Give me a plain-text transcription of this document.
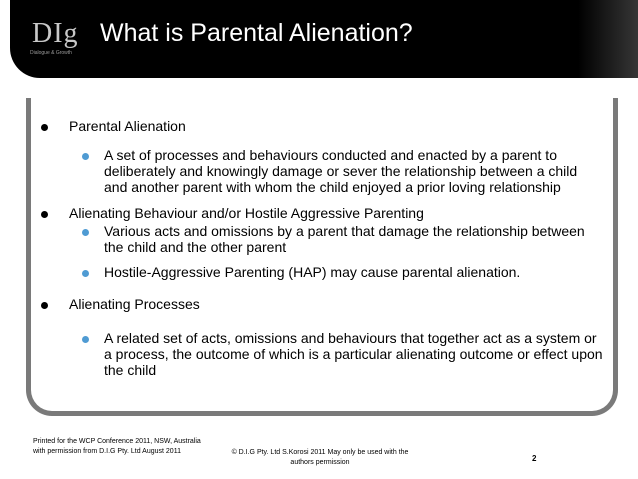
DIg
Dialogue & Growth
What is Parental Alienation?
Parental Alienation
A set of processes and behaviours conducted and enacted by a parent to deliberately and knowingly damage or sever the relationship between a child and another parent with whom the child enjoyed a prior loving relationship
Alienating Behaviour and/or Hostile Aggressive Parenting
Various acts and omissions by a parent that damage the relationship between the child and the other parent
Hostile-Aggressive Parenting (HAP) may cause parental alienation.
Alienating Processes
A related set of acts, omissions and behaviours that together act as a system or a process, the outcome of which is a particular alienating outcome or effect upon the child
Printed for the WCP Conference 2011, NSW, Australia with permission from D.I.G Pty. Ltd August 2011	© D.I.G Pty. Ltd S.Korosi 2011 May only be used with the authors permission	2
